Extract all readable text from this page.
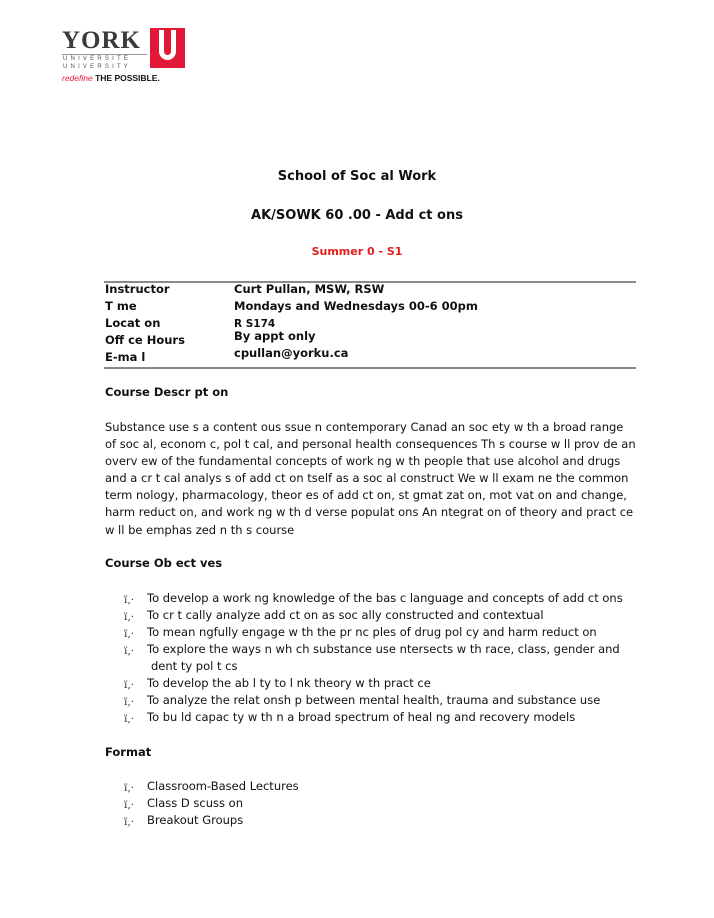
YORK
UNIVERSITÉ
UNIVERSITY
redefine THE POSSIBLE.
School of Soc al Work
AK/SOWK 60 .00 - Add ct ons
Summer 0 - S1
Instructor	Curt Pullan, MSW, RSW
T me	Mondays and Wednesdays 00-6 00pm
Locat on	R S174
Off ce Hours	By appt only
E-ma l	cpullan@yorku.ca
Course Descr pt on
Substance use s a content ous ssue n contemporary Canad an soc ety w th a broad range
of soc al, econom c, pol t cal, and personal health consequences Th s course w ll prov de an
overv ew of the fundamental concepts of work ng w th people that use alcohol and drugs
and a cr t cal analys s of add ct on tself as a soc al construct We w ll exam ne the common
term nology, pharmacology, theor es of add ct on, st gmat zat on, mot vat on and change,
harm reduct on, and work ng w th d verse populat ons An ntegrat on of theory and pract ce
w ll be emphas zed n th s course
Course Ob ect ves
ï‚· To develop a work ng knowledge of the bas c language and concepts of add ct ons
ï‚· To cr t cally analyze add ct on as soc ally constructed and contextual
ï‚· To mean ngfully engage w th the pr nc ples of drug pol cy and harm reduct on
ï‚· To explore the ways n wh ch substance use ntersects w th race, class, gender and
dent ty pol t cs
ï‚· To develop the ab l ty to l nk theory w th pract ce
ï‚· To analyze the relat onsh p between mental health, trauma and substance use
ï‚· To bu ld capac ty w th n a broad spectrum of heal ng and recovery models
Format
ï‚· Classroom-Based Lectures
ï‚· Class D scuss on
ï‚· Breakout Groups
